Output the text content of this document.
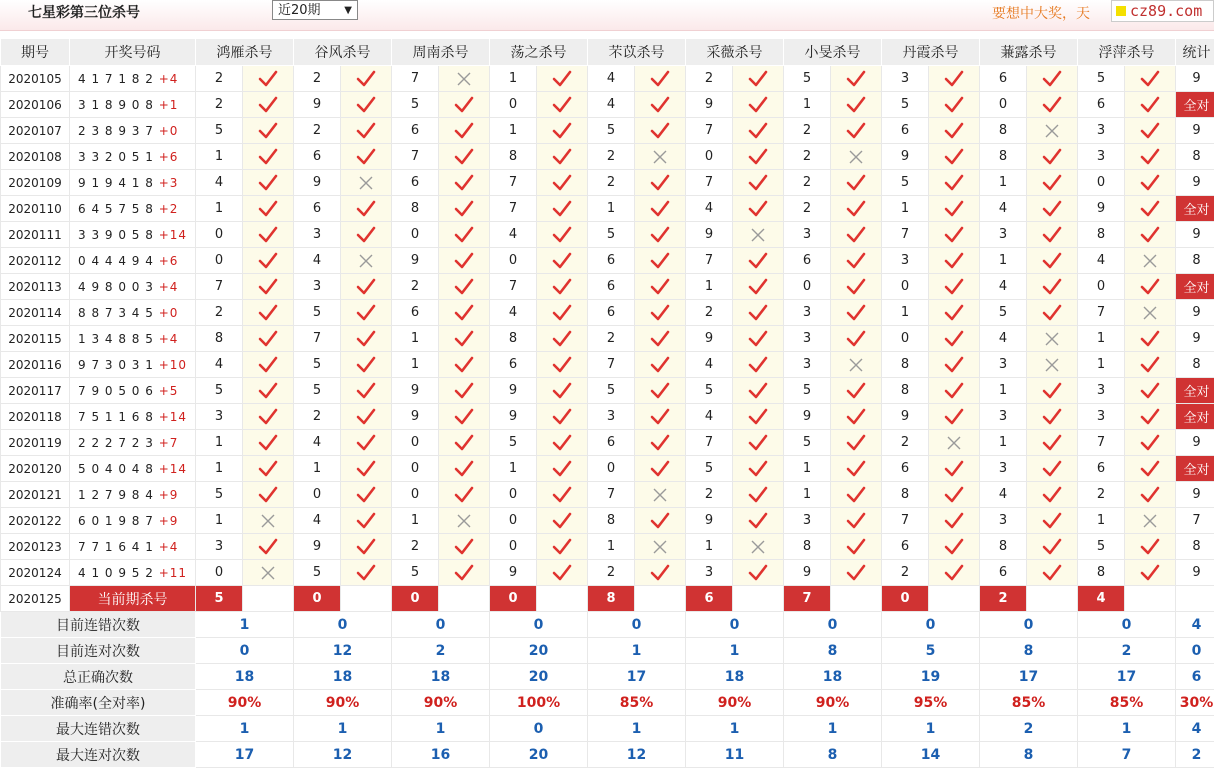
七星彩第三位杀号	近20期 ▼	要想中大奖，天	cz89.com
期号	开奖号码	鸿雁杀号		谷风杀号		周南杀号		荡之杀号		芣苡杀号		采薇杀号		小旻杀号		丹霞杀号		蒹露杀号		浮萍杀号		统计
2020105	4 1 7 1 8 2 +4	2		2		7		1		4		2		5		3		6		5		9
2020106	3 1 8 9 0 8 +1	2		9		5		0		4		9		1		5		0		6		全对
2020107	2 3 8 9 3 7 +0	5		2		6		1		5		7		2		6		8		3		9
2020108	3 3 2 0 5 1 +6	1		6		7		8		2		0		2		9		8		3		8
2020109	9 1 9 4 1 8 +3	4		9		6		7		2		7		2		5		1		0		9
2020110	6 4 5 7 5 8 +2	1		6		8		7		1		4		2		1		4		9		全对
2020111	3 3 9 0 5 8 +14	0		3		0		4		5		9		3		7		3		8		9
2020112	0 4 4 4 9 4 +6	0		4		9		0		6		7		6		3		1		4		8
2020113	4 9 8 0 0 3 +4	7		3		2		7		6		1		0		0		4		0		全对
2020114	8 8 7 3 4 5 +0	2		5		6		4		6		2		3		1		5		7		9
2020115	1 3 4 8 8 5 +4	8		7		1		8		2		9		3		0		4		1		9
2020116	9 7 3 0 3 1 +10	4		5		1		6		7		4		3		8		3		1		8
2020117	7 9 0 5 0 6 +5	5		5		9		9		5		5		5		8		1		3		全对
2020118	7 5 1 1 6 8 +14	3		2		9		9		3		4		9		9		3		3		全对
2020119	2 2 2 7 2 3 +7	1		4		0		5		6		7		5		2		1		7		9
2020120	5 0 4 0 4 8 +14	1		1		0		1		0		5		1		6		3		6		全对
2020121	1 2 7 9 8 4 +9	5		0		0		0		7		2		1		8		4		2		9
2020122	6 0 1 9 8 7 +9	1		4		1		0		8		9		3		7		3		1		7
2020123	7 7 1 6 4 1 +4	3		9		2		0		1		1		8		6		8		5		8
2020124	4 1 0 9 5 2 +11	0		5		5		9		2		3		9		2		6		8		9
2020125	当前期杀号	5		0		0		0		8		6		7		0		2		4		
目前连错次数		1		0		0		0		0		0		0		0		0		0		4
目前连对次数		0		12		2		20		1		1		8		5		8		2		0
总正确次数		18		18		18		20		17		18		18		19		17		17		6
准确率(全对率)		90%		90%		90%		100%		85%		90%		90%		95%		85%		85%		30%
最大连错次数		1		1		1		0		1		1		1		1		2		1		4
最大连对次数		17		12		16		20		12		11		8		14		8		7		2
